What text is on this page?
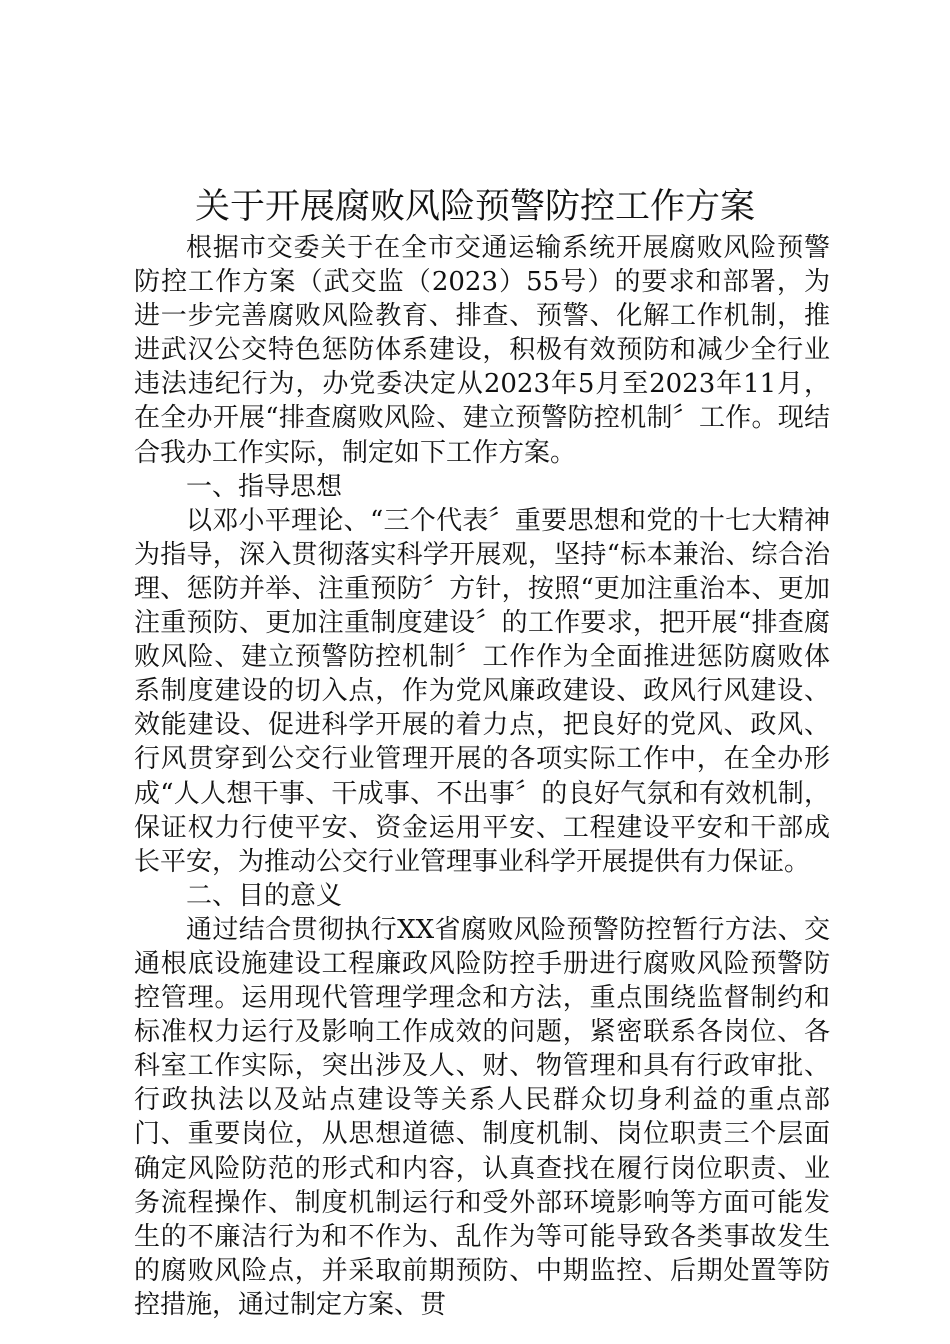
关于开展腐败风险预警防控工作方案

根据市交委关于在全市交通运输系统开展腐败风险预警防控工作方案（武交监（2023）55号）的要求和部署，为进一步完善腐败风险教育、排查、预警、化解工作机制，推进武汉公交特色惩防体系建设，积极有效预防和减少全行业违法违纪行为，办党委决定从2023年5月至2023年11月，在全办开展“排查腐败风险、建立预警防控机制〞工作。现结合我办工作实际，制定如下工作方案。

一、指导思想

以邓小平理论、“三个代表〞重要思想和党的十七大精神为指导，深入贯彻落实科学开展观，坚持“标本兼治、综合治理、惩防并举、注重预防〞方针，按照“更加注重治本、更加注重预防、更加注重制度建设〞的工作要求，把开展“排查腐败风险、建立预警防控机制〞工作作为全面推进惩防腐败体系制度建设的切入点，作为党风廉政建设、政风行风建设、效能建设、促进科学开展的着力点，把良好的党风、政风、行风贯穿到公交行业管理开展的各项实际工作中，在全办形成“人人想干事、干成事、不出事〞的良好气氛和有效机制，保证权力行使平安、资金运用平安、工程建设平安和干部成长平安，为推动公交行业管理事业科学开展提供有力保证。

二、目的意义

通过结合贯彻执行XX省腐败风险预警防控暂行方法、交通根底设施建设工程廉政风险防控手册进行腐败风险预警防控管理。运用现代管理学理念和方法，重点围绕监督制约和标准权力运行及影响工作成效的问题，紧密联系各岗位、各科室工作实际，突出涉及人、财、物管理和具有行政审批、行政执法以及站点建设等关系人民群众切身利益的重点部门、重要岗位，从思想道德、制度机制、岗位职责三个层面确定风险防范的形式和内容，认真查找在履行岗位职责、业务流程操作、制度机制运行和受外部环境影响等方面可能发生的不廉洁行为和不作为、乱作为等可能导致各类事故发生的腐败风险点，并采取前期预防、中期监控、后期处置等防控措施，通过制定方案、贯
